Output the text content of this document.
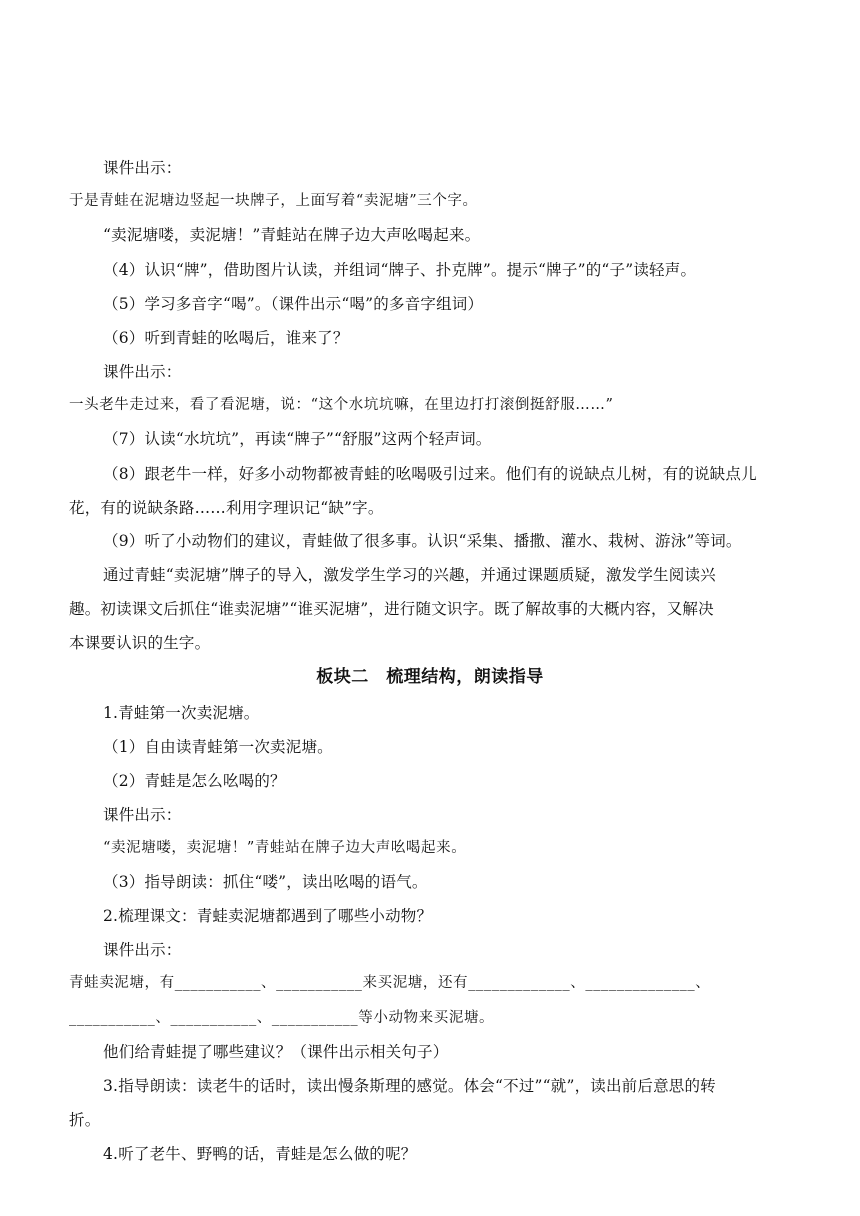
课件出示：
于是青蛙在泥塘边竖起一块牌子，上面写着“卖泥塘”三个字。
“卖泥塘喽，卖泥塘！”青蛙站在牌子边大声吆喝起来。
（4）认识“牌”，借助图片认读，并组词“牌子、扑克牌”。提示“牌子”的“子”读轻声。
（5）学习多音字“喝”。（课件出示“喝”的多音字组词）
（6）听到青蛙的吆喝后，谁来了？
课件出示：
一头老牛走过来，看了看泥塘，说：“这个水坑坑嘛，在里边打打滚倒挺舒服……”
（7）认读“水坑坑”，再读“牌子”“舒服”这两个轻声词。
（8）跟老牛一样，好多小动物都被青蛙的吆喝吸引过来。他们有的说缺点儿树，有的说缺点儿
花，有的说缺条路……利用字理识记“缺”字。
（9）听了小动物们的建议，青蛙做了很多事。认识“采集、播撒、灌水、栽树、游泳”等词。
通过青蛙“卖泥塘”牌子的导入，激发学生学习的兴趣，并通过课题质疑，激发学生阅读兴
趣。初读课文后抓住“谁卖泥塘”“谁买泥塘”，进行随文识字。既了解故事的大概内容，又解决
本课要认识的生字。
板块二　梳理结构，朗读指导
1.青蛙第一次卖泥塘。
（1）自由读青蛙第一次卖泥塘。
（2）青蛙是怎么吆喝的？
课件出示：
“卖泥塘喽，卖泥塘！”青蛙站在牌子边大声吆喝起来。
（3）指导朗读：抓住“喽”，读出吆喝的语气。
2.梳理课文：青蛙卖泥塘都遇到了哪些小动物？
课件出示：
青蛙卖泥塘，有___________、___________来买泥塘，还有_____________、______________、
___________、___________、___________等小动物来买泥塘。
他们给青蛙提了哪些建议？（课件出示相关句子）
3.指导朗读：读老牛的话时，读出慢条斯理的感觉。体会“不过”“就”，读出前后意思的转
折。
4.听了老牛、野鸭的话，青蛙是怎么做的呢？
